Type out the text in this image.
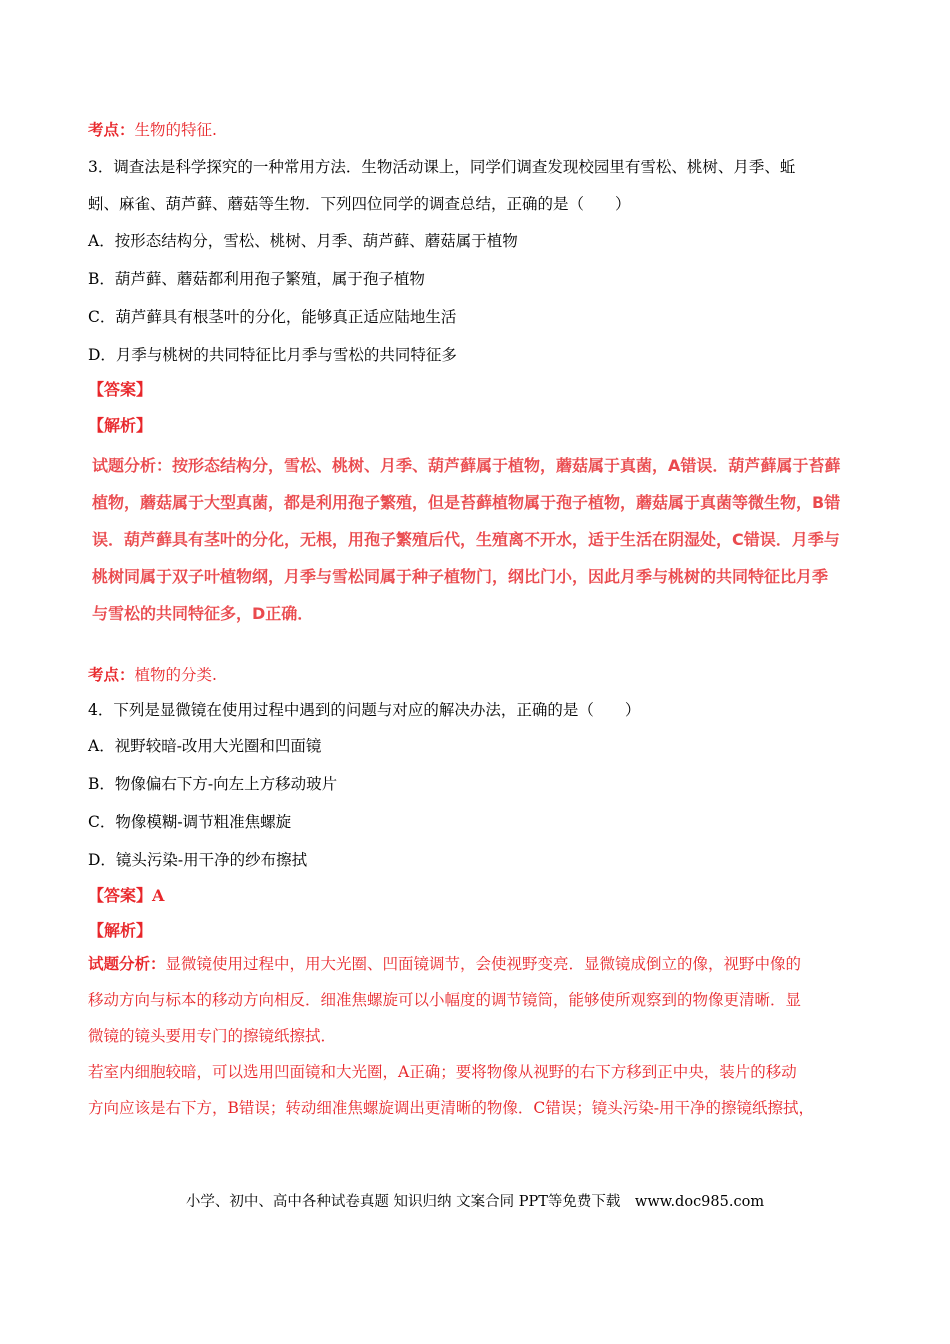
考点：生物的特征.
3．调查法是科学探究的一种常用方法．生物活动课上，同学们调查发现校园里有雪松、桃树、月季、蚯
蚓、麻雀、葫芦藓、蘑菇等生物．下列四位同学的调查总结，正确的是（　　）
A．按形态结构分，雪松、桃树、月季、葫芦藓、蘑菇属于植物
B．葫芦藓、蘑菇都利用孢子繁殖，属于孢子植物
C．葫芦藓具有根茎叶的分化，能够真正适应陆地生活
D．月季与桃树的共同特征比月季与雪松的共同特征多
【答案】
【解析】

试题分析：按形态结构分，雪松、桃树、月季、葫芦藓属于植物，蘑菇属于真菌，A错误．葫芦藓属于苔藓

植物，蘑菇属于大型真菌，都是利用孢子繁殖，但是苔藓植物属于孢子植物，蘑菇属于真菌等微生物，B错

误．葫芦藓具有茎叶的分化，无根，用孢子繁殖后代，生殖离不开水，适于生活在阴湿处，C错误．月季与

桃树同属于双子叶植物纲，月季与雪松同属于种子植物门，纲比门小，因此月季与桃树的共同特征比月季

与雪松的共同特征多，D正确．

考点：植物的分类.
4．下列是显微镜在使用过程中遇到的问题与对应的解决办法，正确的是（　　）
A．视野较暗-改用大光圈和凹面镜
B．物像偏右下方-向左上方移动玻片
C．物像模糊-调节粗准焦螺旋
D．镜头污染-用干净的纱布擦拭
【答案】A
【解析】

试题分析：显微镜使用过程中，用大光圈、凹面镜调节，会使视野变亮．显微镜成倒立的像，视野中像的

移动方向与标本的移动方向相反．细准焦螺旋可以小幅度的调节镜筒，能够使所观察到的物像更清晰．显

微镜的镜头要用专门的擦镜纸擦拭．

若室内细胞较暗，可以选用凹面镜和大光圈，A正确；要将物像从视野的右下方移到正中央，装片的移动

方向应该是右下方，B错误；转动细准焦螺旋调出更清晰的物像．C错误；镜头污染-用干净的擦镜纸擦拭，

小学、初中、高中各种试卷真题 知识归纳 文案合同 PPT等免费下载　www.doc985.com
